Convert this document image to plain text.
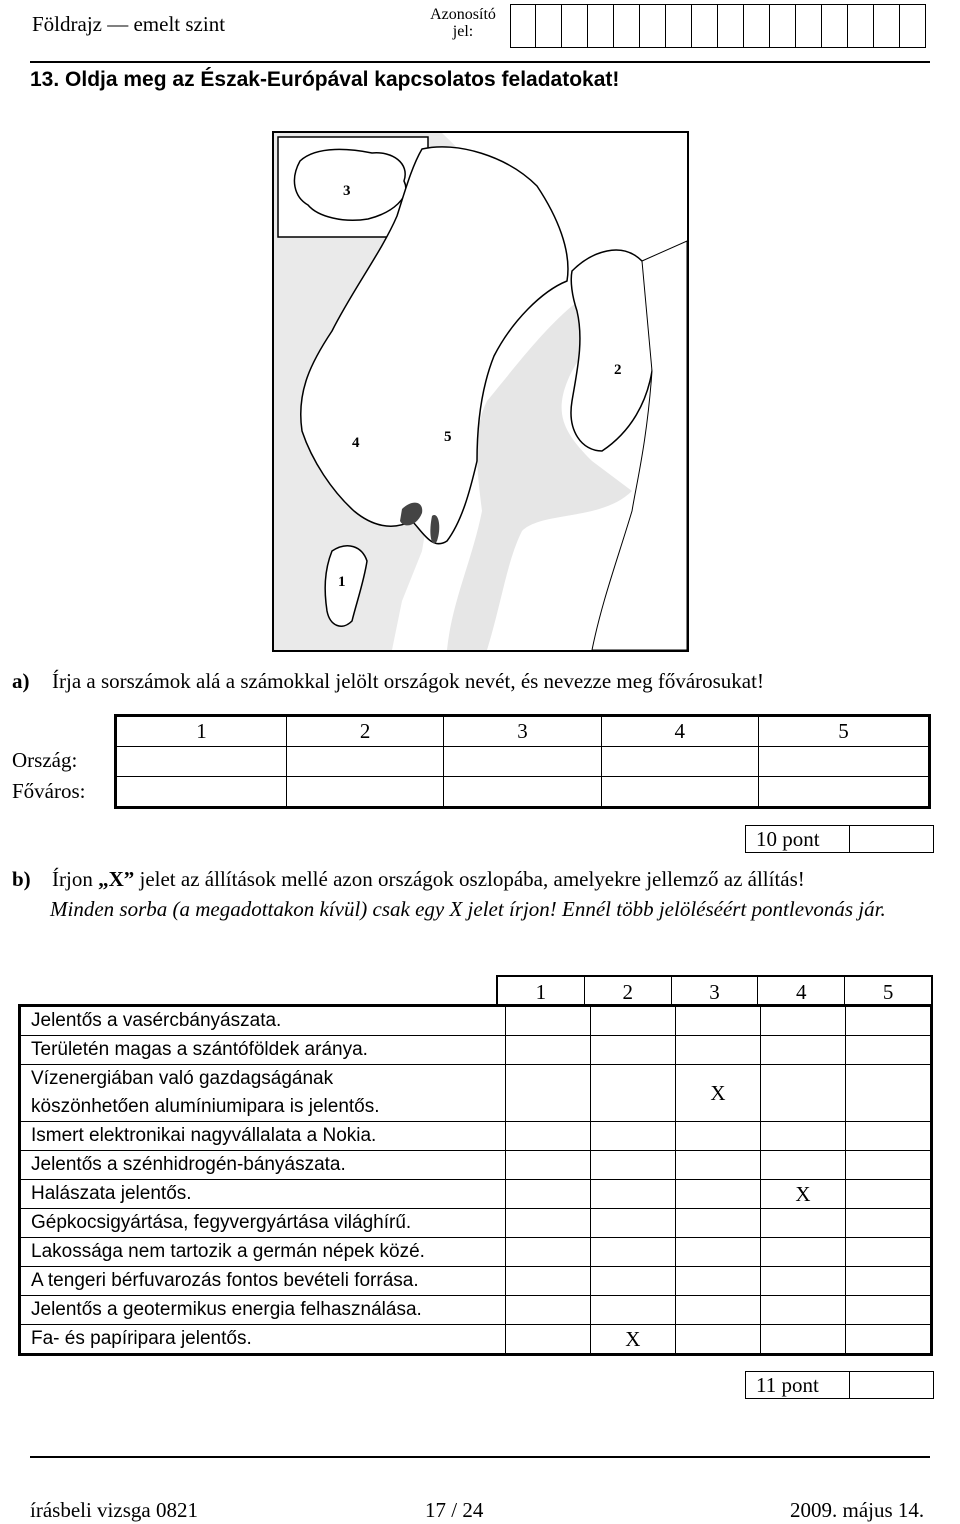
Földrajz — emelt szint	Azonosító jel:
13. Oldja meg az Észak-Európával kapcsolatos feladatokat!
1
2
3
4	5
a) Írja a sorszámok alá a számokkal jelölt országok nevét, és nevezze meg fővárosukat!
Ország:
Főváros:
1	2	3	4	5

10 pont
b) Írjon „X” jelet az állítások mellé azon országok oszlopába, amelyekre jellemző az állítás!
Minden sorba (a megadottakon kívül) csak egy X jelet írjon! Ennél több jelöléséért pontlevonás jár.
1	2	3	4	5
Jelentős a vasércbányászata.					

Területén magas a szántóföldek aránya.					

Vízenergiában való gazdagságának
köszönhetően alumíniumipara is jelentős.			X		

Ismert elektronikai nagyvállalata a Nokia.					

Jelentős a szénhidrogén-bányászata.					

Halászata jelentős.				X	

Gépkocsigyártása, fegyvergyártása világhírű.					

Lakossága nem tartozik a germán népek közé.					

A tengeri bérfuvarozás fontos bevételi forrása.					

Jelentős a geotermikus energia felhasználása.					

Fa- és papíripara jelentős.		X			
11 pont
írásbeli vizsga 0821	17 / 24	2009. május 14.
